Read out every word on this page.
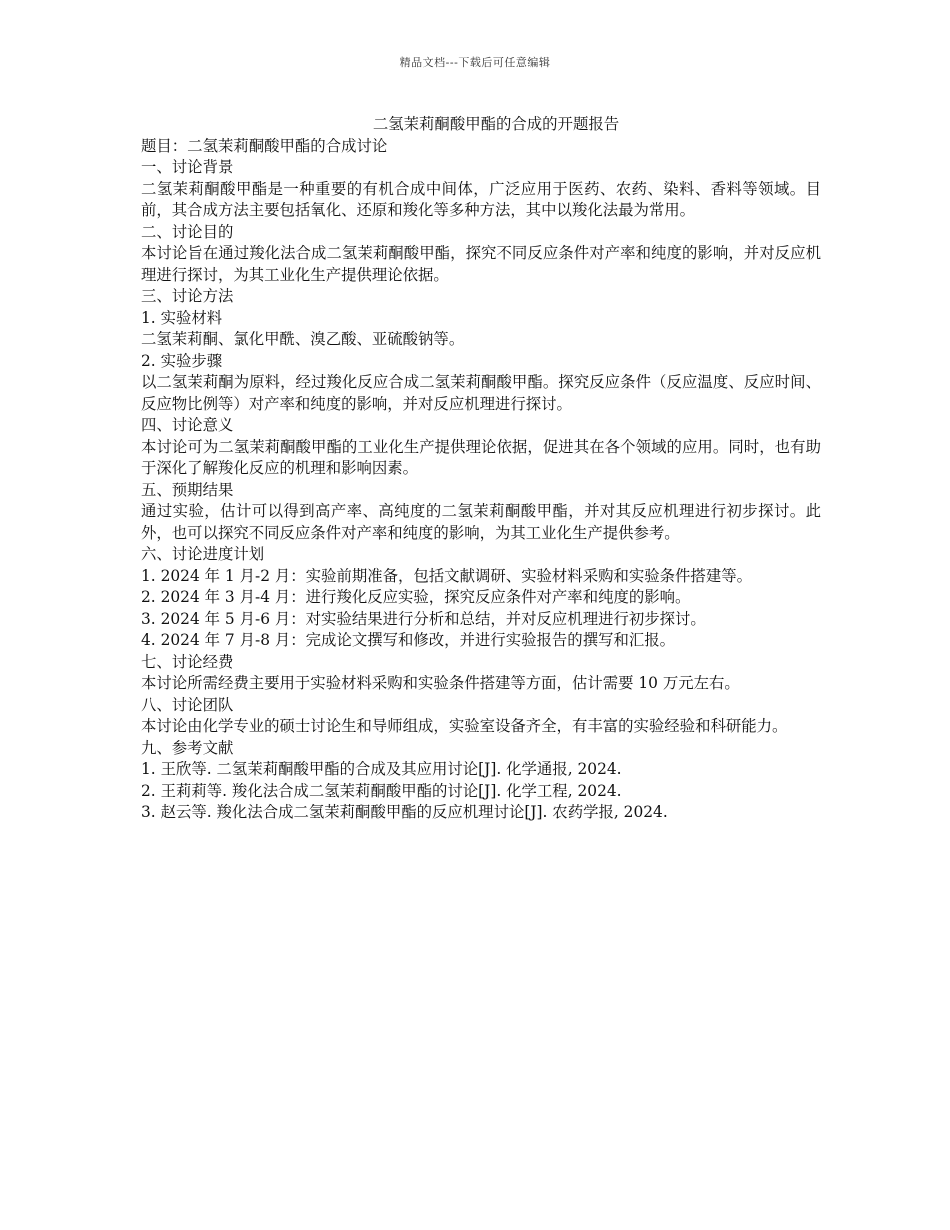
精品文档---下载后可任意编辑
二氢茉莉酮酸甲酯的合成的开题报告

题目：二氢茉莉酮酸甲酯的合成讨论

一、讨论背景

二氢茉莉酮酸甲酯是一种重要的有机合成中间体，广泛应用于医药、农药、染料、香料等领域。目前，其合成方法主要包括氧化、还原和羧化等多种方法，其中以羧化法最为常用。

二、讨论目的

本讨论旨在通过羧化法合成二氢茉莉酮酸甲酯，探究不同反应条件对产率和纯度的影响，并对反应机理进行探讨，为其工业化生产提供理论依据。

三、讨论方法

1. 实验材料

二氢茉莉酮、氯化甲酰、溴乙酸、亚硫酸钠等。

2. 实验步骤

以二氢茉莉酮为原料，经过羧化反应合成二氢茉莉酮酸甲酯。探究反应条件（反应温度、反应时间、反应物比例等）对产率和纯度的影响，并对反应机理进行探讨。

四、讨论意义

本讨论可为二氢茉莉酮酸甲酯的工业化生产提供理论依据，促进其在各个领域的应用。同时，也有助于深化了解羧化反应的机理和影响因素。

五、预期结果

通过实验，估计可以得到高产率、高纯度的二氢茉莉酮酸甲酯，并对其反应机理进行初步探讨。此外，也可以探究不同反应条件对产率和纯度的影响，为其工业化生产提供参考。

六、讨论进度计划

1. 2024 年 1 月-2 月：实验前期准备，包括文献调研、实验材料采购和实验条件搭建等。

2. 2024 年 3 月-4 月：进行羧化反应实验，探究反应条件对产率和纯度的影响。

3. 2024 年 5 月-6 月：对实验结果进行分析和总结，并对反应机理进行初步探讨。

4. 2024 年 7 月-8 月：完成论文撰写和修改，并进行实验报告的撰写和汇报。

七、讨论经费

本讨论所需经费主要用于实验材料采购和实验条件搭建等方面，估计需要 10 万元左右。

八、讨论团队

本讨论由化学专业的硕士讨论生和导师组成，实验室设备齐全，有丰富的实验经验和科研能力。

九、参考文献

1. 王欣等. 二氢茉莉酮酸甲酯的合成及其应用讨论[J]. 化学通报, 2024.

2. 王莉莉等. 羧化法合成二氢茉莉酮酸甲酯的讨论[J]. 化学工程, 2024.

3. 赵云等. 羧化法合成二氢茉莉酮酸甲酯的反应机理讨论[J]. 农药学报, 2024.
